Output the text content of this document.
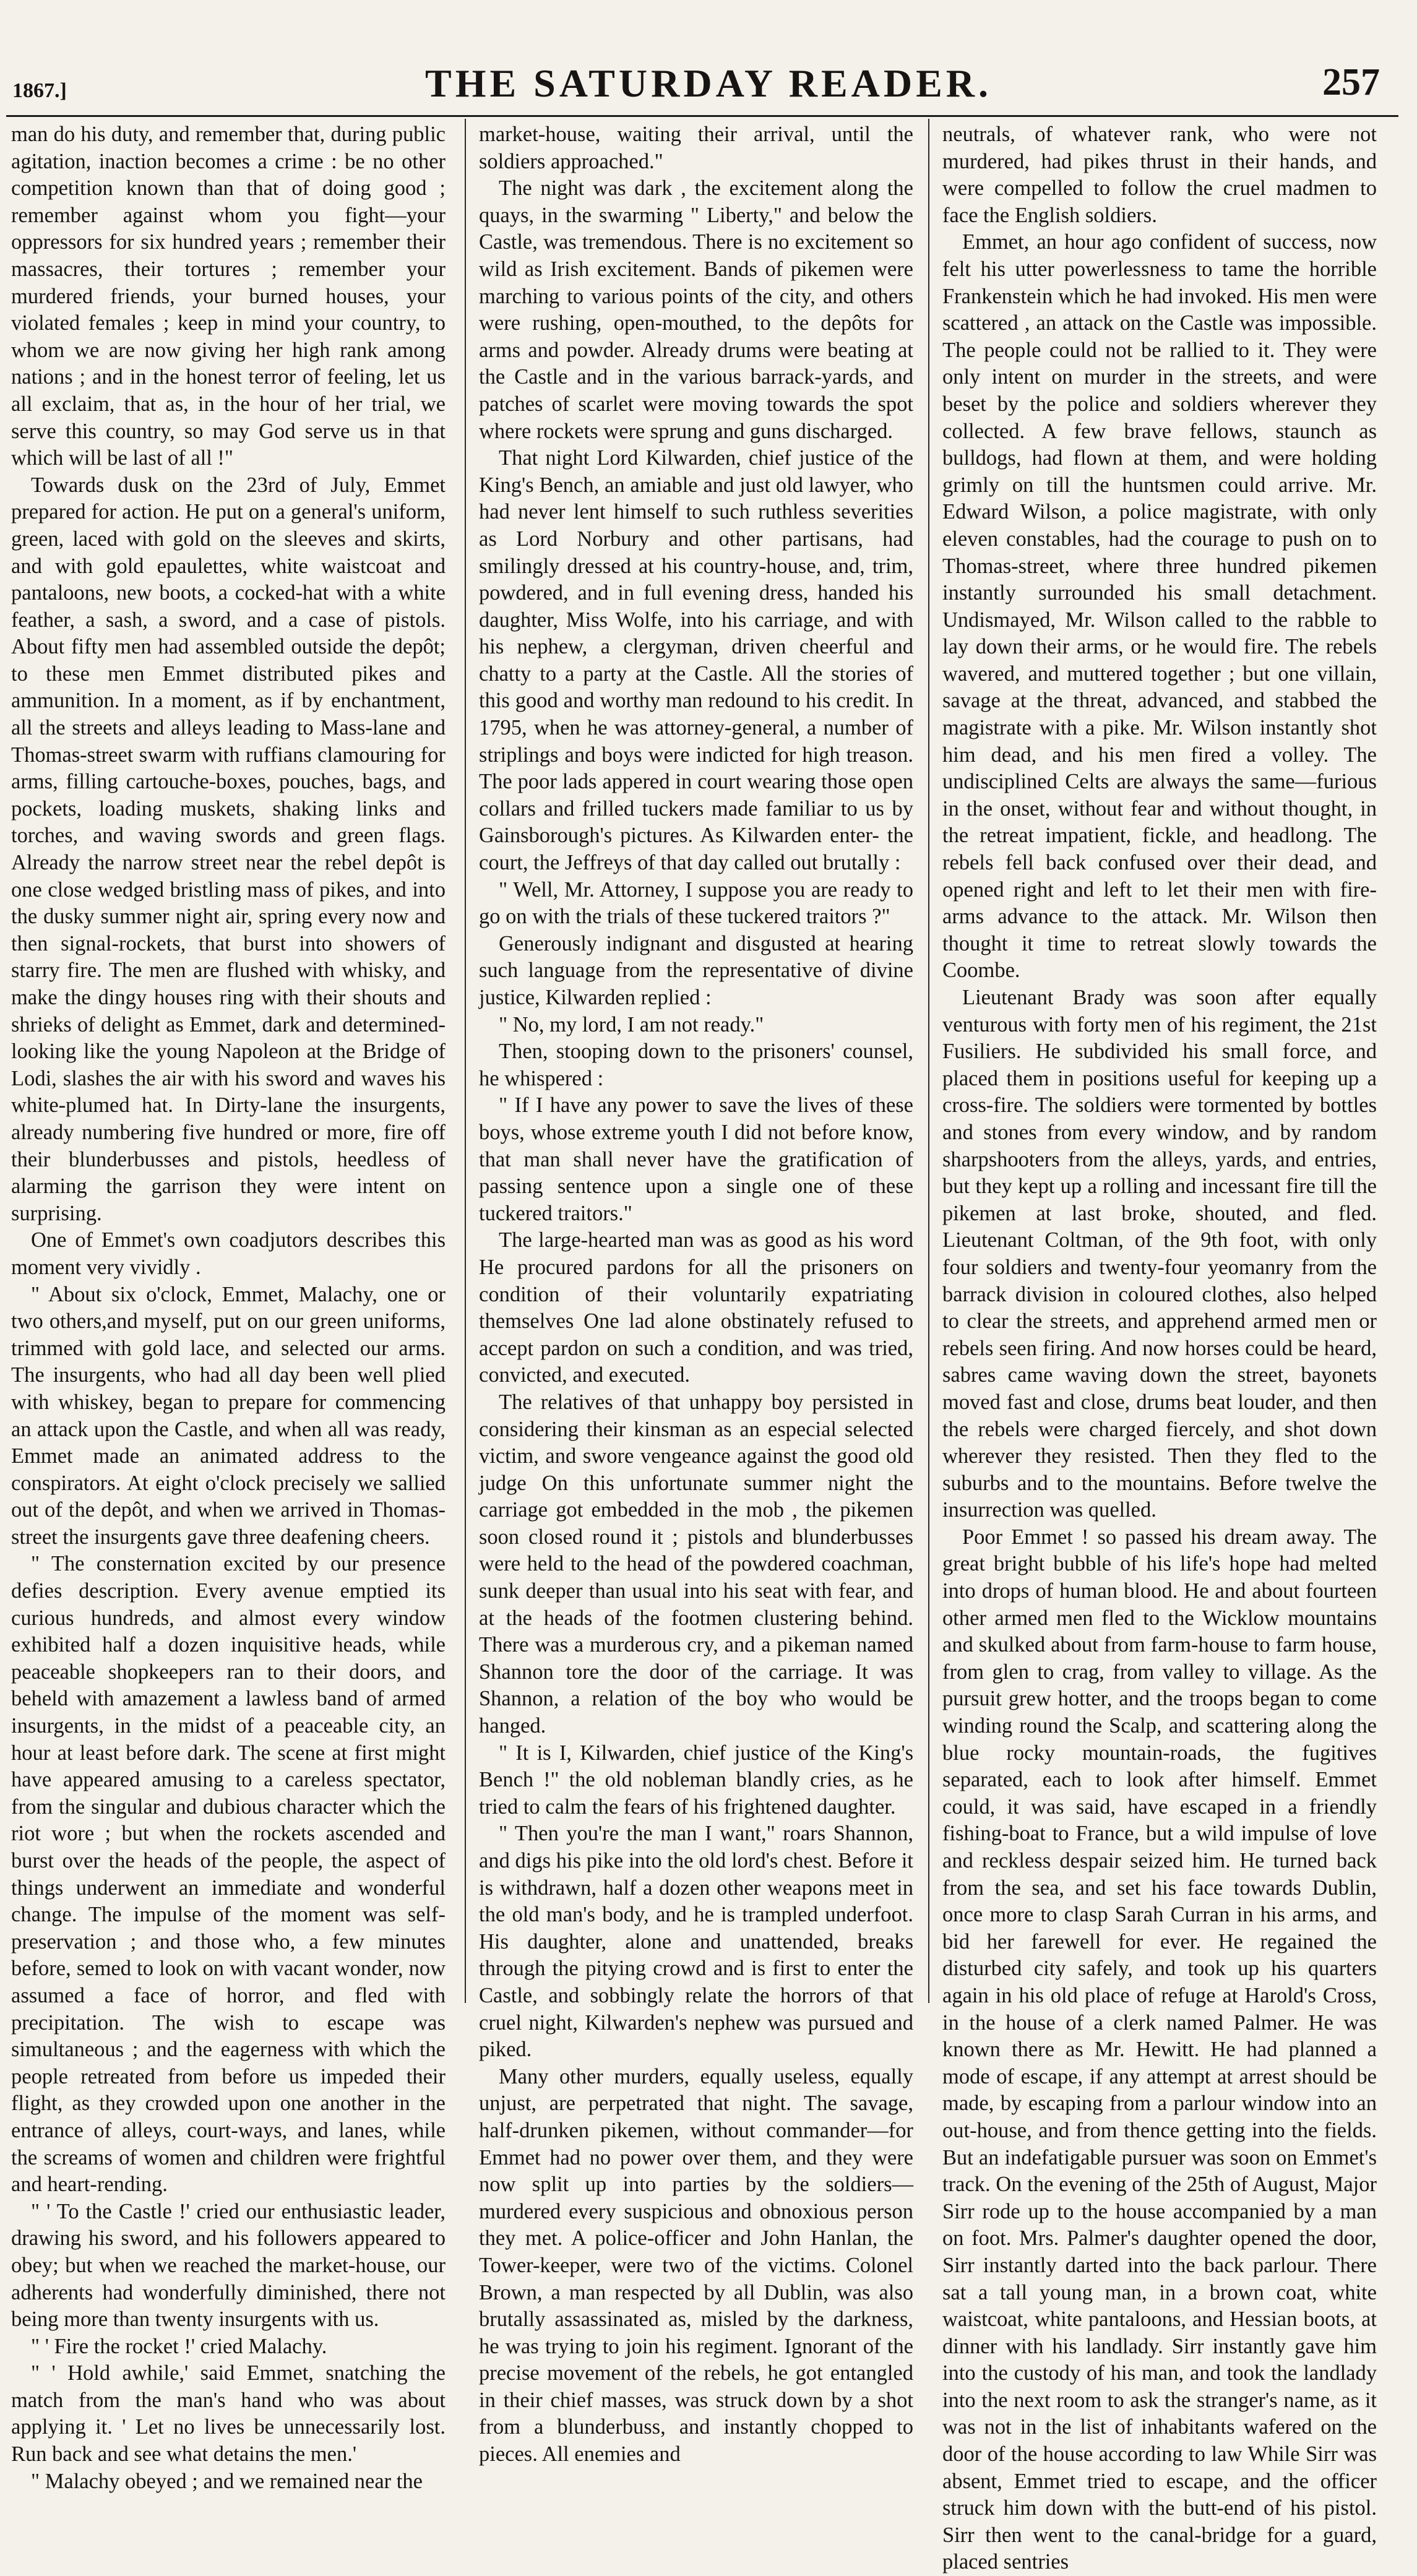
1867.]	THE SATURDAY READER.	257

man do his duty, and remember that, during public agitation, inaction becomes a crime : be no other competition known than that of doing good ; remember against whom you fight—your oppressors for six hundred years ; remember their massacres, their tortures ; remember your murdered friends, your burned houses, your violated females ; keep in mind your country, to whom we are now giving her high rank among nations ; and in the honest terror of feeling, let us all exclaim, that as, in the hour of her trial, we serve this country, so may God serve us in that which will be last of all !"

Towards dusk on the 23rd of July, Emmet prepared for action. He put on a general's uniform, green, laced with gold on the sleeves and skirts, and with gold epaulettes, white waistcoat and pantaloons, new boots, a cocked-hat with a white feather, a sash, a sword, and a case of pistols. About fifty men had assembled outside the depôt; to these men Emmet distributed pikes and ammunition. In a moment, as if by enchantment, all the streets and alleys leading to Mass-lane and Thomas-street swarm with ruffians clamouring for arms, filling cartouche-boxes, pouches, bags, and pockets, loading muskets, shaking links and torches, and waving swords and green flags. Already the narrow street near the rebel depôt is one close wedged bristling mass of pikes, and into the dusky summer night air, spring every now and then signal-rockets, that burst into showers of starry fire. The men are flushed with whisky, and make the dingy houses ring with their shouts and shrieks of delight as Emmet, dark and determined-looking like the young Napoleon at the Bridge of Lodi, slashes the air with his sword and waves his white-plumed hat. In Dirty-lane the insurgents, already numbering five hundred or more, fire off their blunderbusses and pistols, heedless of alarming the garrison they were intent on surprising.

One of Emmet's own coadjutors describes this moment very vividly .

" About six o'clock, Emmet, Malachy, one or two others,and myself, put on our green uniforms, trimmed with gold lace, and selected our arms. The insurgents, who had all day been well plied with whiskey, began to prepare for commencing an attack upon the Castle, and when all was ready, Emmet made an animated address to the conspirators. At eight o'clock precisely we sallied out of the depôt, and when we arrived in Thomas-street the insurgents gave three deafening cheers.

" The consternation excited by our presence defies description. Every avenue emptied its curious hundreds, and almost every window exhibited half a dozen inquisitive heads, while peaceable shopkeepers ran to their doors, and beheld with amazement a lawless band of armed insurgents, in the midst of a peaceable city, an hour at least before dark. The scene at first might have appeared amusing to a careless spectator, from the singular and dubious character which the riot wore ; but when the rockets ascended and burst over the heads of the people, the aspect of things underwent an immediate and wonderful change. The impulse of the moment was self-preservation ; and those who, a few minutes before, semed to look on with vacant wonder, now assumed a face of horror, and fled with precipitation. The wish to escape was simultaneous ; and the eagerness with which the people retreated from before us impeded their flight, as they crowded upon one another in the entrance of alleys, court-ways, and lanes, while the screams of women and children were frightful and heart-rending.

" ' To the Castle !' cried our enthusiastic leader, drawing his sword, and his followers appeared to obey; but when we reached the market-house, our adherents had wonderfully diminished, there not being more than twenty insurgents with us.

" ' Fire the rocket !' cried Malachy.

" ' Hold awhile,' said Emmet, snatching the match from the man's hand who was about applying it. ' Let no lives be unnecessarily lost. Run back and see what detains the men.'

" Malachy obeyed ; and we remained near the

market-house, waiting their arrival, until the soldiers approached."

The night was dark , the excitement along the quays, in the swarming " Liberty," and below the Castle, was tremendous. There is no excitement so wild as Irish excitement. Bands of pikemen were marching to various points of the city, and others were rushing, open-mouthed, to the depôts for arms and powder. Already drums were beating at the Castle and in the various barrack-yards, and patches of scarlet were moving towards the spot where rockets were sprung and guns discharged.

That night Lord Kilwarden, chief justice of the King's Bench, an amiable and just old lawyer, who had never lent himself to such ruthless severities as Lord Norbury and other partisans, had smilingly dressed at his country-house, and, trim, powdered, and in full evening dress, handed his daughter, Miss Wolfe, into his carriage, and with his nephew, a clergyman, driven cheerful and chatty to a party at the Castle. All the stories of this good and worthy man redound to his credit. In 1795, when he was attorney-general, a number of striplings and boys were indicted for high treason. The poor lads appered in court wearing those open collars and frilled tuckers made familiar to us by Gainsborough's pictures. As Kilwarden enter- the court, the Jeffreys of that day called out brutally :

" Well, Mr. Attorney, I suppose you are ready to go on with the trials of these tuckered traitors ?"

Generously indignant and disgusted at hearing such language from the representative of divine justice, Kilwarden replied :

" No, my lord, I am not ready."

Then, stooping down to the prisoners' counsel, he whispered :

" If I have any power to save the lives of these boys, whose extreme youth I did not before know, that man shall never have the gratification of passing sentence upon a single one of these tuckered traitors."

The large-hearted man was as good as his word He procured pardons for all the prisoners on condition of their voluntarily expatriating themselves One lad alone obstinately refused to accept pardon on such a condition, and was tried, convicted, and executed.

The relatives of that unhappy boy persisted in considering their kinsman as an especial selected victim, and swore vengeance against the good old judge On this unfortunate summer night the carriage got embedded in the mob , the pikemen soon closed round it ; pistols and blunderbusses were held to the head of the powdered coachman, sunk deeper than usual into his seat with fear, and at the heads of the footmen clustering behind. There was a murderous cry, and a pikeman named Shannon tore the door of the carriage. It was Shannon, a relation of the boy who would be hanged.

" It is I, Kilwarden, chief justice of the King's Bench !" the old nobleman blandly cries, as he tried to calm the fears of his frightened daughter.

" Then you're the man I want," roars Shannon, and digs his pike into the old lord's chest. Before it is withdrawn, half a dozen other weapons meet in the old man's body, and he is trampled underfoot. His daughter, alone and unattended, breaks through the pitying crowd and is first to enter the Castle, and sobbingly relate the horrors of that cruel night, Kilwarden's nephew was pursued and piked.

Many other murders, equally useless, equally unjust, are perpetrated that night. The savage, half-drunken pikemen, without commander—for Emmet had no power over them, and they were now split up into parties by the soldiers—murdered every suspicious and obnoxious person they met. A police-officer and John Hanlan, the Tower-keeper, were two of the victims. Colonel Brown, a man respected by all Dublin, was also brutally assassinated as, misled by the darkness, he was trying to join his regiment. Ignorant of the precise movement of the rebels, he got entangled in their chief masses, was struck down by a shot from a blunderbuss, and instantly chopped to pieces. All enemies and

neutrals, of whatever rank, who were not murdered, had pikes thrust in their hands, and were compelled to follow the cruel madmen to face the English soldiers.

Emmet, an hour ago confident of success, now felt his utter powerlessness to tame the horrible Frankenstein which he had invoked. His men were scattered , an attack on the Castle was impossible. The people could not be rallied to it. They were only intent on murder in the streets, and were beset by the police and soldiers wherever they collected. A few brave fellows, staunch as bulldogs, had flown at them, and were holding grimly on till the huntsmen could arrive. Mr. Edward Wilson, a police magistrate, with only eleven constables, had the courage to push on to Thomas-street, where three hundred pikemen instantly surrounded his small detachment. Undismayed, Mr. Wilson called to the rabble to lay down their arms, or he would fire. The rebels wavered, and muttered together ; but one villain, savage at the threat, advanced, and stabbed the magistrate with a pike. Mr. Wilson instantly shot him dead, and his men fired a volley. The undisciplined Celts are always the same—furious in the onset, without fear and without thought, in the retreat impatient, fickle, and headlong. The rebels fell back confused over their dead, and opened right and left to let their men with fire-arms advance to the attack. Mr. Wilson then thought it time to retreat slowly towards the Coombe.

Lieutenant Brady was soon after equally venturous with forty men of his regiment, the 21st Fusiliers. He subdivided his small force, and placed them in positions useful for keeping up a cross-fire. The soldiers were tormented by bottles and stones from every window, and by random sharpshooters from the alleys, yards, and entries, but they kept up a rolling and incessant fire till the pikemen at last broke, shouted, and fled. Lieutenant Coltman, of the 9th foot, with only four soldiers and twenty-four yeomanry from the barrack division in coloured clothes, also helped to clear the streets, and apprehend armed men or rebels seen firing. And now horses could be heard, sabres came waving down the street, bayonets moved fast and close, drums beat louder, and then the rebels were charged fiercely, and shot down wherever they resisted. Then they fled to the suburbs and to the mountains. Before twelve the insurrection was quelled.

Poor Emmet ! so passed his dream away. The great bright bubble of his life's hope had melted into drops of human blood. He and about fourteen other armed men fled to the Wicklow mountains and skulked about from farm-house to farm house, from glen to crag, from valley to village. As the pursuit grew hotter, and the troops began to come winding round the Scalp, and scattering along the blue rocky mountain-roads, the fugitives separated, each to look after himself. Emmet could, it was said, have escaped in a friendly fishing-boat to France, but a wild impulse of love and reckless despair seized him. He turned back from the sea, and set his face towards Dublin, once more to clasp Sarah Curran in his arms, and bid her farewell for ever. He regained the disturbed city safely, and took up his quarters again in his old place of refuge at Harold's Cross, in the house of a clerk named Palmer. He was known there as Mr. Hewitt. He had planned a mode of escape, if any attempt at arrest should be made, by escaping from a parlour window into an out-house, and from thence getting into the fields. But an indefatigable pursuer was soon on Emmet's track. On the evening of the 25th of August, Major Sirr rode up to the house accompanied by a man on foot. Mrs. Palmer's daughter opened the door, Sirr instantly darted into the back parlour. There sat a tall young man, in a brown coat, white waistcoat, white pantaloons, and Hessian boots, at dinner with his landlady. Sirr instantly gave him into the custody of his man, and took the landlady into the next room to ask the stranger's name, as it was not in the list of inhabitants wafered on the door of the house according to law While Sirr was absent, Emmet tried to escape, and the officer struck him down with the butt-end of his pistol. Sirr then went to the canal-bridge for a guard, placed sentries
